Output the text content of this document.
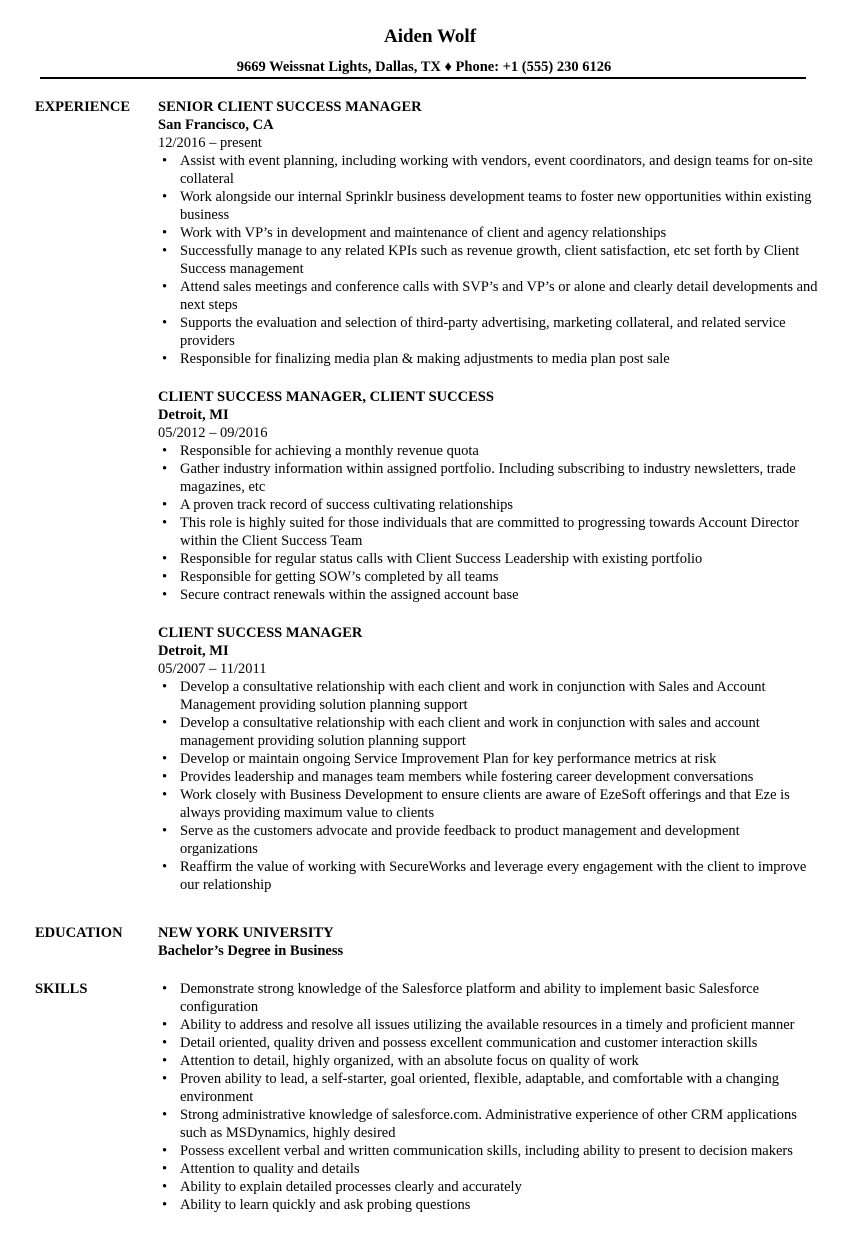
Aiden Wolf
9669 Weissnat Lights, Dallas, TX ♦ Phone: +1 (555) 230 6126
EXPERIENCE SENIOR CLIENT SUCCESS MANAGER
San Francisco, CA
12/2016 – present
• Assist with event planning, including working with vendors, event coordinators, and design teams for on-site collateral
• Work alongside our internal Sprinklr business development teams to foster new opportunities within existing business
• Work with VP’s in development and maintenance of client and agency relationships
• Successfully manage to any related KPIs such as revenue growth, client satisfaction, etc set forth by Client Success management
• Attend sales meetings and conference calls with SVP’s and VP’s or alone and clearly detail developments and next steps
• Supports the evaluation and selection of third-party advertising, marketing collateral, and related service providers
• Responsible for finalizing media plan & making adjustments to media plan post sale
CLIENT SUCCESS MANAGER, CLIENT SUCCESS
Detroit, MI
05/2012 – 09/2016
• Responsible for achieving a monthly revenue quota
• Gather industry information within assigned portfolio. Including subscribing to industry newsletters, trade magazines, etc
• A proven track record of success cultivating relationships
• This role is highly suited for those individuals that are committed to progressing towards Account Director within the Client Success Team
• Responsible for regular status calls with Client Success Leadership with existing portfolio
• Responsible for getting SOW’s completed by all teams
• Secure contract renewals within the assigned account base
CLIENT SUCCESS MANAGER
Detroit, MI
05/2007 – 11/2011
• Develop a consultative relationship with each client and work in conjunction with Sales and Account Management providing solution planning support
• Develop a consultative relationship with each client and work in conjunction with sales and account management providing solution planning support
• Develop or maintain ongoing Service Improvement Plan for key performance metrics at risk
• Provides leadership and manages team members while fostering career development conversations
• Work closely with Business Development to ensure clients are aware of EzeSoft offerings and that Eze is always providing maximum value to clients
• Serve as the customers advocate and provide feedback to product management and development organizations
• Reaffirm the value of working with SecureWorks and leverage every engagement with the client to improve our relationship
EDUCATION NEW YORK UNIVERSITY
Bachelor’s Degree in Business
SKILLS
•	Demonstrate strong knowledge of the Salesforce platform and ability to implement basic Salesforce configuration
• Ability to address and resolve all issues utilizing the available resources in a timely and proficient manner
• Detail oriented, quality driven and possess excellent communication and customer interaction skills
• Attention to detail, highly organized, with an absolute focus on quality of work
• Proven ability to lead, a self-starter, goal oriented, flexible, adaptable, and comfortable with a changing environment
• Strong administrative knowledge of salesforce.com. Administrative experience of other CRM applications such as MSDynamics, highly desired
• Possess excellent verbal and written communication skills, including ability to present to decision makers
• Attention to quality and details
• Ability to explain detailed processes clearly and accurately
• Ability to learn quickly and ask probing questions
